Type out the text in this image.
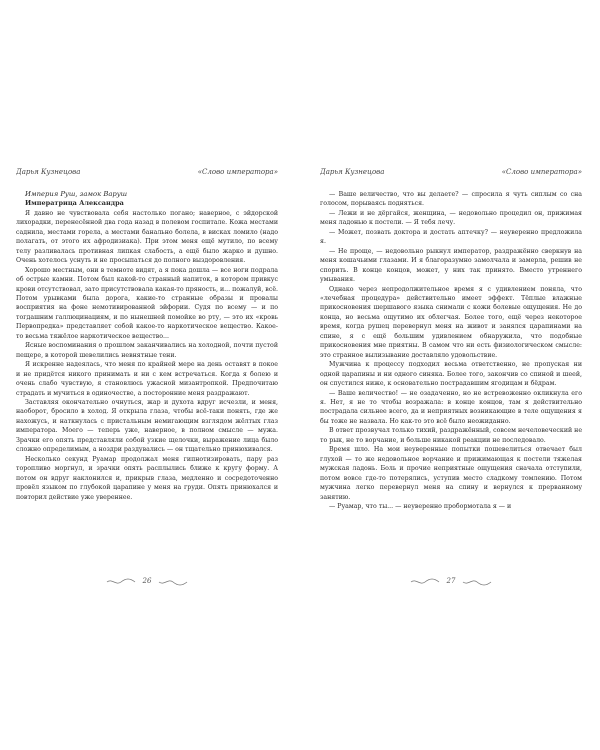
Дарья Кузнецова	«Слово императора»

Империя Руш, замок Варуш

Императрица Александра

Я давно не чувствовала себя настолько погано; наверное, с эйдорской лихорадки, перенесённой два года назад в полевом госпитале. Кожа местами саднила, местами горела, а местами банально болела, в висках ломило (надо полагать, от этого их афродизиака). При этом меня ещё мутило, по всему телу разливалась противная липкая слабость, а ещё было жарко и душно. Очень хотелось уснуть и не просыпаться до полного выздоровления.

Хорошо местным, они в темноте видят, а я пока дошла — все ноги подрала об острые камни. Потом был какой-то странный напиток, в котором привкус крови отсутствовал, зато присутствовала какая-то пряность, и... пожалуй, всё. Потом урывками была дорога, какие-то странные образы и провалы восприятия на фоне немотивированной эйфории. Судя по всему — и по тогдашним галлюцинациям, и по нынешней помойке во рту, — это их «кровь Первопредка» представляет собой какое-то наркотическое вещество. Какое-то весьма тяжёлое наркотическое вещество...

Ясные воспоминания о прошлом заканчивались на холодной, почти пустой пещере, в которой шевелились невнятные тени.

Я искренне надеялась, что меня по крайней мере на день оставят в покое и не придётся никого принимать и ни с кем встречаться. Когда я болею и очень слабо чувствую, я становлюсь ужасной мизантропкой. Предпочитаю страдать и мучиться в одиночестве, а посторонние меня раздражают.

Заставляя окончательно очнуться, жар и духота вдруг исчезли, и меня, наоборот, бросило в холод. Я открыла глаза, чтобы всё-таки понять, где же нахожусь, и наткнулась с пристальным немигающим взглядом жёлтых глаз императора. Моего — теперь уже, наверное, в полном смысле — мужа. Зрачки его опять представляли собой узкие щелочки, выражение лица было сложно определимым, а ноздри раздувались — он тщательно принюхивался.

Несколько секунд Руамар продолжал меня гипнотизировать, пару раз торопливо моргнул, и зрачки опять расплылись ближе к кругу форму. А потом он вдруг наклонился и, прикрыв глаза, медленно и сосредоточенно провёл языком по глубокой царапине у меня на груди. Опять принюхался и повторил действие уже увереннее.

Дарья Кузнецова	«Слово императора»

— Ваше величество, что вы делаете? — спросила я чуть сиплым со сна голосом, порываясь подняться.

— Лежи и не дёргайся, женщина, — недовольно процедил он, прижимая меня ладонью к постели. — Я тебя лечу.

— Может, позвать доктора и достать аптечку? — неуверенно предложила я.

— Не проще, — недовольно рыкнул император, раздражённо сверкнув на меня кошачьими глазами. И я благоразумно замолчала и замерла, решив не спорить. В конце концов, может, у них так принято. Вместо утреннего умывания.

Однако через непродолжительное время я с удивлением поняла, что «лечебная процедура» действительно имеет эффект. Тёплые влажные прикосновения шершавого языка снимали с кожи болевые ощущения. Не до конца, но весьма ощутимо их облегчая. Более того, ещё через некоторое время, когда рушец перевернул меня на живот и занялся царапинами на спине, я с ещё большим удивлением обнаружила, что подобные прикосновения мне приятны. В самом что ни есть физиологическом смысле: это странное вылизывание доставляло удовольствие.

Мужчина к процессу подходил весьма ответственно, не пропуская ни одной царапины и ни одного синяка. Более того, закончив со спиной и шеей, он спустился ниже, к основательно пострадавшим ягодицам и бёдрам.

— Ваше величество! — не озадаченно, но не встревоженно окликнула его я. Нет, я не то чтобы возражала: в конце концов, там я действительно пострадала сильнее всего, да и неприятных возникающие в теле ощущения я бы тоже не назвала. Но как-то это всё было неожиданно.

В ответ прозвучал только тихий, раздражённый, совсем нечеловеческий не то рык, не то ворчание, и больше никакой реакции не последовало.

Время шло. На мои неуверенные попытки пошевелиться отвечает был глухой — то же недовольное ворчание и прижимающая к постели тяжелая мужская ладонь. Боль и прочие неприятные ощущения сначала отступили, потом вовсе где-то потерялись, уступив место сладкому томлению. Потом мужчина легко перевернул меня на спину и вернулся к прерванному занятию.

— Руамар, что ты... — неуверенно пробормотала я — и

26	27
